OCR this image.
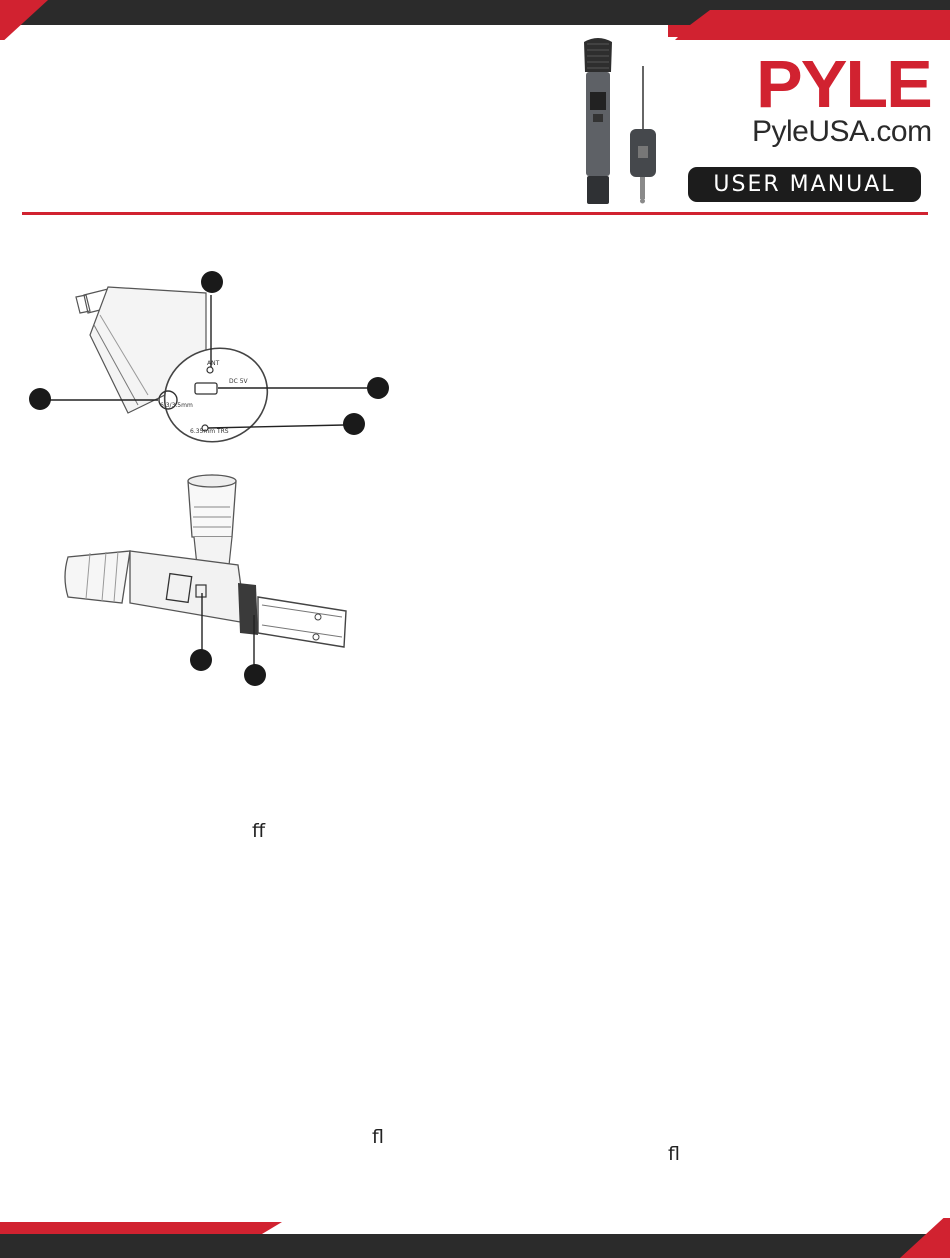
PYLE
PyleUSA.com
USER MANUAL
ANT
DC 5V
6.3/3.5mm
6.35mm TRS
ff
fl
fl
